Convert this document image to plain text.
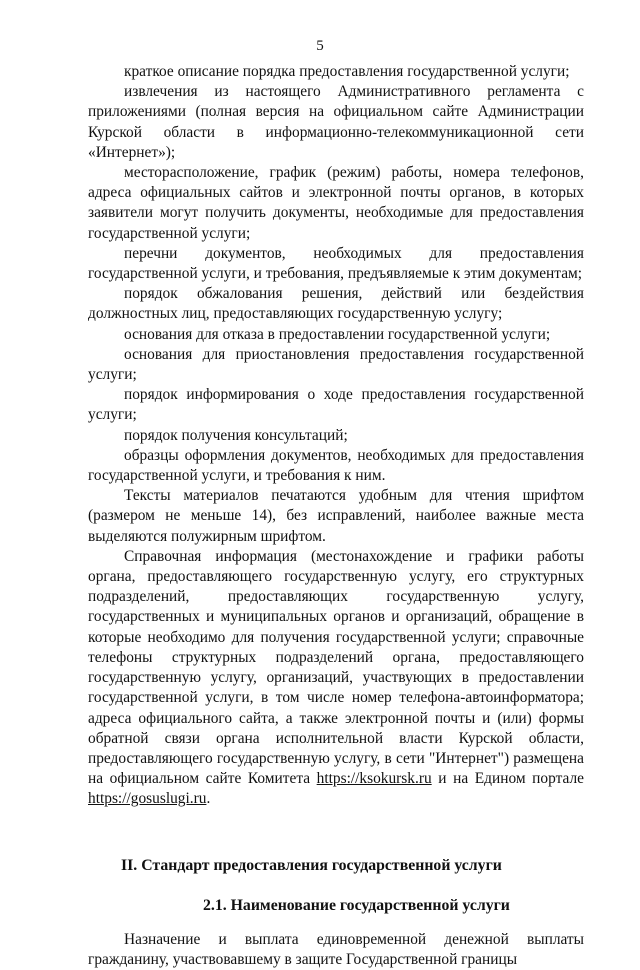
5

краткое описание порядка предоставления государственной услуги;

извлечения из настоящего Административного регламента с приложениями (полная версия на официальном сайте Администрации Курской области в информационно-телекоммуникационной сети «Интернет»);

месторасположение, график (режим) работы, номера телефонов, адреса официальных сайтов и электронной почты органов, в которых заявители могут получить документы, необходимые для предоставления государственной услуги;

перечни документов, необходимых для предоставления государственной услуги, и требования, предъявляемые к этим документам;

порядок обжалования решения, действий или бездействия должностных лиц, предоставляющих государственную услугу;

основания для отказа в предоставлении государственной услуги;

основания для приостановления предоставления государственной услуги;

порядок информирования о ходе предоставления государственной услуги;

порядок получения консультаций;

образцы оформления документов, необходимых для предоставления государственной услуги, и требования к ним.

Тексты материалов печатаются удобным для чтения шрифтом (размером не меньше 14), без исправлений, наиболее важные места выделяются полужирным шрифтом.

Справочная информация (местонахождение и графики работы органа, предоставляющего государственную услугу, его структурных подразделений, предоставляющих государственную услугу, государственных и муниципальных органов и организаций, обращение в которые необходимо для получения государственной услуги; справочные телефоны структурных подразделений органа, предоставляющего государственную услугу, организаций, участвующих в предоставлении государственной услуги, в том числе номер телефона-автоинформатора; адреса официального сайта, а также электронной почты и (или) формы обратной связи органа исполнительной власти Курской области, предоставляющего государственную услугу, в сети "Интернет") размещена на официальном сайте Комитета https://ksokursk.ru и на Едином портале https://gosuslugi.ru.

II. Стандарт предоставления государственной услуги
2.1. Наименование государственной услуги

Назначение и выплата единовременной денежной выплаты гражданину, участвовавшему в защите Государственной границы
